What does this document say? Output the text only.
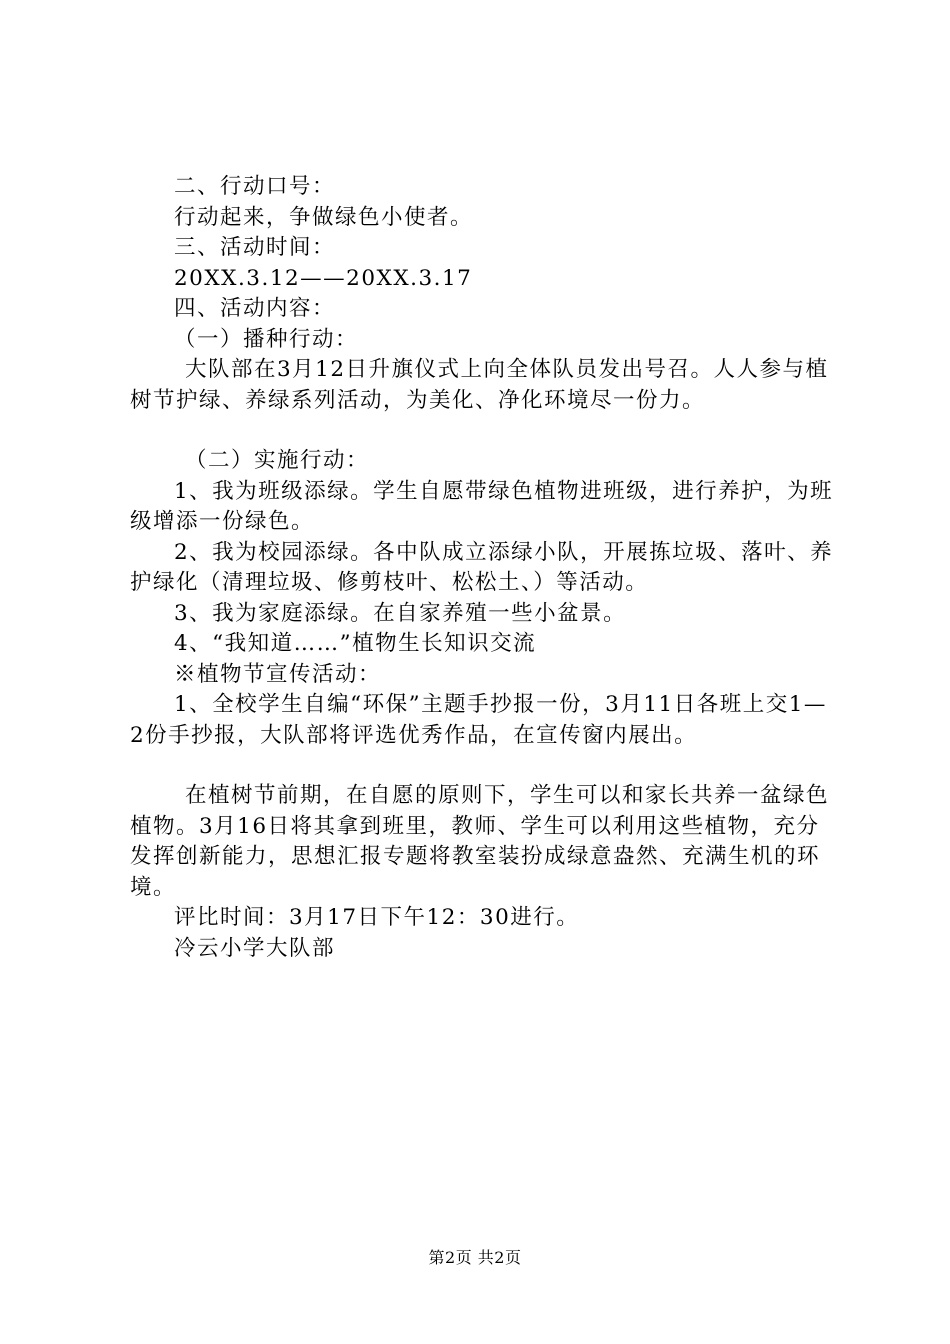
二、行动口号：

行动起来，争做绿色小使者。

三、活动时间：

20XX.3.12——20XX.3.17

四、活动内容：

（一）播种行动：

大队部在3月12日升旗仪式上向全体队员发出号召。人人参与植树节护绿、养绿系列活动，为美化、净化环境尽一份力。

（二）实施行动：

1、我为班级添绿。学生自愿带绿色植物进班级，进行养护，为班级增添一份绿色。

2、我为校园添绿。各中队成立添绿小队，开展拣垃圾、落叶、养护绿化（清理垃圾、修剪枝叶、松松土、）等活动。

3、我为家庭添绿。在自家养殖一些小盆景。

4、“我知道……”植物生长知识交流

※植物节宣传活动：

1、全校学生自编“环保”主题手抄报一份，3月11日各班上交1—2份手抄报，大队部将评选优秀作品，在宣传窗内展出。

在植树节前期，在自愿的原则下，学生可以和家长共养一盆绿色植物。3月16日将其拿到班里，教师、学生可以利用这些植物，充分发挥创新能力，思想汇报专题将教室装扮成绿意盎然、充满生机的环境。

评比时间：3月17日下午12：30进行。

冷云小学大队部

第2页 共2页
